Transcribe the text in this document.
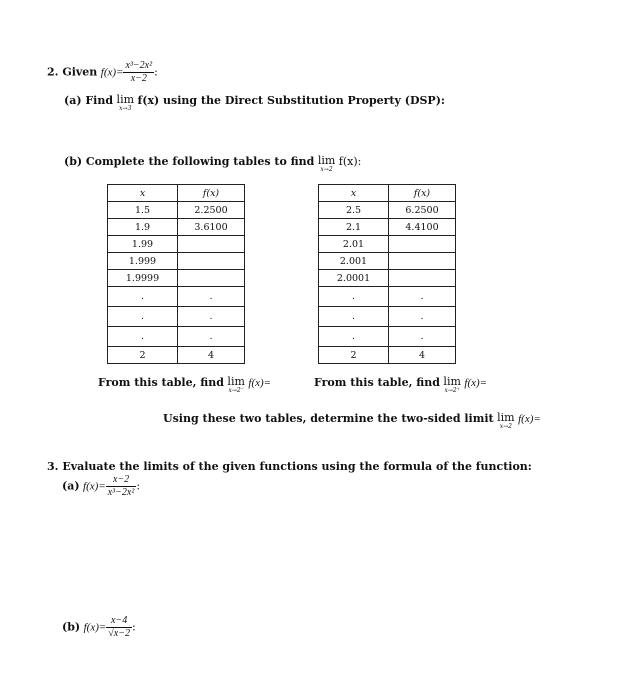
2. Given $f(x)= \frac{\text{x³−2x²}}{x-2}$ :
(a) Find lim
x→3
f(x) using the Direct Substitution Property (DSP):
(b) Complete the following tables to find lim
x→2
f(x):
x	f(x)
1.5	2.2500
1.9	3.6100
1.99	
1.999	
1.9999	
.	.
.	.
.	.
2	4
x	f(x)
2.5	6.2500
2.1	4.4100
2.01	
2.001	
2.0001	
.	.
.	.
.	.
2	4
From this table, find lim
x→2⁻
f(x)=	From this table, find lim
x→2⁺
f(x)=
Using these two tables, determine the two-sided limit lim
x→2
f(x)=
3. Evaluate the limits of the given functions using the formula of the function:
(a) $f(x)= \frac{x-2}{\text{x³−2x²}}$ :
(b) $f(x)= \frac{x-4}{√x-2}$ :
